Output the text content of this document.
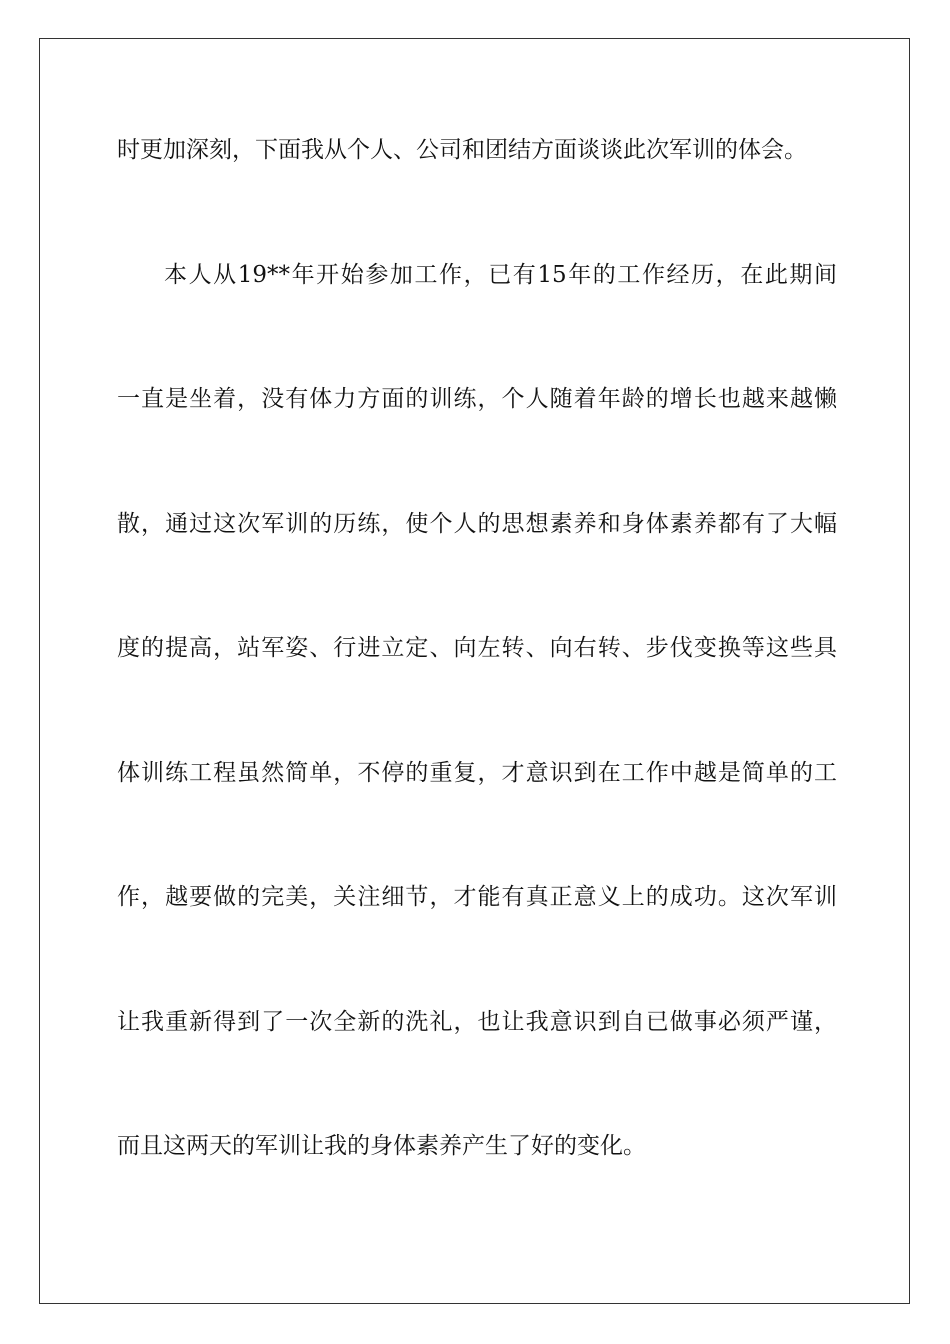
时更加深刻，下面我从个人、公司和团结方面谈谈此次军训的体会。
本人从19**年开始参加工作，已有15年的工作经历，在此期间
一直是坐着，没有体力方面的训练，个人随着年龄的增长也越来越懒
散，通过这次军训的历练，使个人的思想素养和身体素养都有了大幅
度的提高，站军姿、行进立定、向左转、向右转、步伐变换等这些具
体训练工程虽然简单，不停的重复，才意识到在工作中越是简单的工
作，越要做的完美，关注细节，才能有真正意义上的成功。这次军训
让我重新得到了一次全新的洗礼，也让我意识到自已做事必须严谨，
而且这两天的军训让我的身体素养产生了好的变化。
